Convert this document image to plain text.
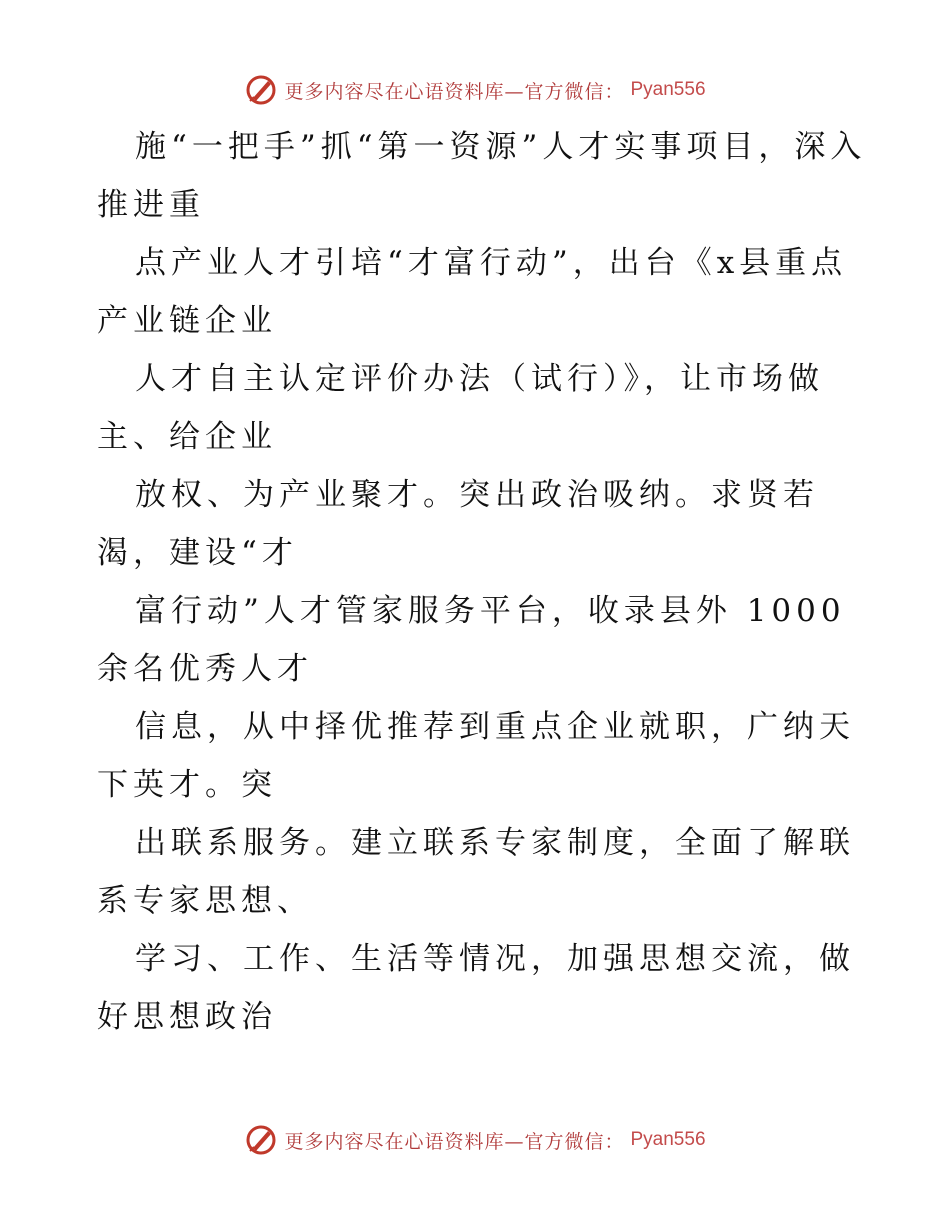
更多内容尽在心语资料库—官方微信： Pyan556

施“一把手”抓“第一资源”人才实事项目，深入推进重

点产业人才引培“才富行动”，出台《x县重点产业链企业

人才自主认定评价办法（试行）》，让市场做主、给企业

放权、为产业聚才。突出政治吸纳。求贤若渴，建设“才

富行动”人才管家服务平台，收录县外 1000 余名优秀人才

信息，从中择优推荐到重点企业就职，广纳天下英才。突

出联系服务。建立联系专家制度，全面了解联系专家思想、

学习、工作、生活等情况，加强思想交流，做好思想政治

更多内容尽在心语资料库—官方微信： Pyan556
